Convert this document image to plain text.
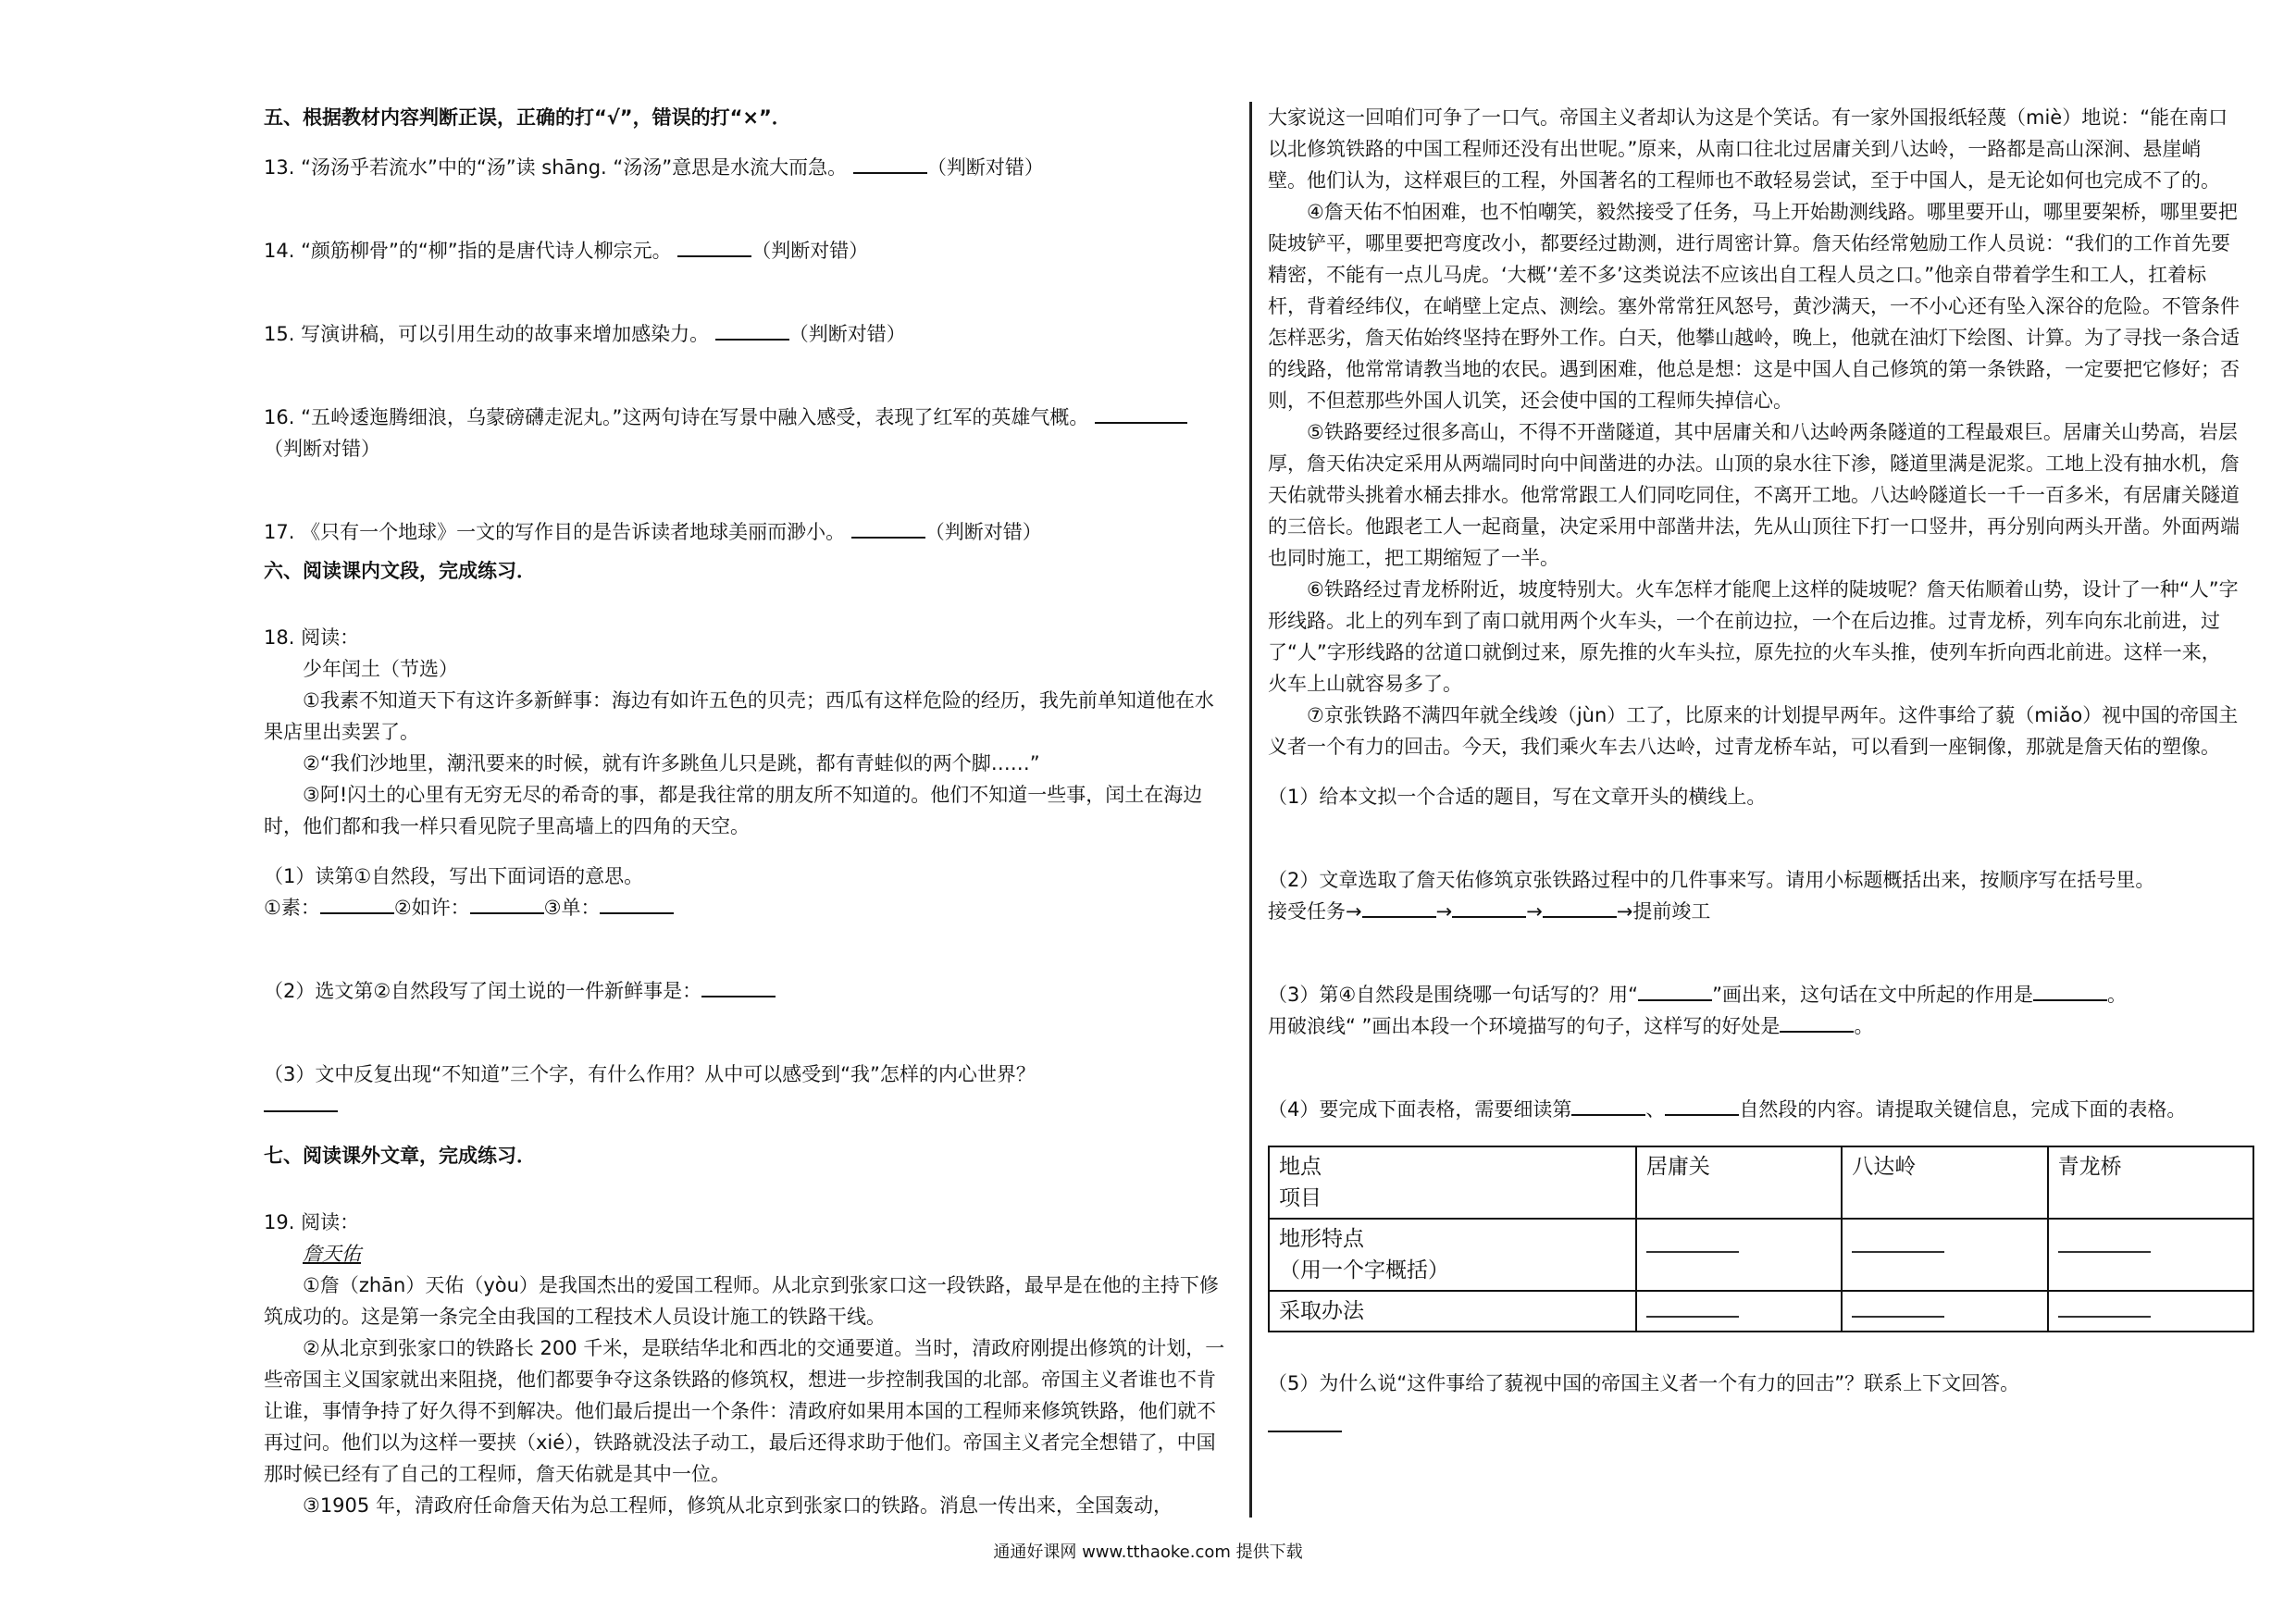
五、根据教材内容判断正误，正确的打“√”，错误的打“×”．

13. “汤汤乎若流水”中的“汤”读 shāng. “汤汤”意思是水流大而急。	（判断对错）

14. “颜筋柳骨”的“柳”指的是唐代诗人柳宗元。	（判断对错）

15. 写演讲稿，可以引用生动的故事来增加感染力。	（判断对错）

16. “五岭逶迤腾细浪，乌蒙磅礴走泥丸。”这两句诗在写景中融入感受，表现了红军的英雄气概。
（判断对错）

17. 《只有一个地球》一文的写作目的是告诉读者地球美丽而渺小。	（判断对错）

六、阅读课内文段，完成练习．

18. 阅读：

少年闰土（节选）

①我素不知道天下有这许多新鲜事：海边有如许五色的贝壳；西瓜有这样危险的经历，我先前单知道他在水果店里出卖罢了。

②“我们沙地里，潮汛要来的时候，就有许多跳鱼儿只是跳，都有青蛙似的两个脚……”

③阿!闪土的心里有无穷无尽的希奇的事，都是我往常的朋友所不知道的。他们不知道一些事，闰土在海边时，他们都和我一样只看见院子里高墙上的四角的天空。

（1）读第①自然段，写出下面词语的意思。

①素：	②如许：	③单：

（2）选文第②自然段写了闰土说的一件新鲜事是：

（3）文中反复出现“不知道”三个字，有什么作用？从中可以感受到“我”怎样的内心世界？

七、阅读课外文章，完成练习．

19. 阅读：

詹天佑

①詹（zhān）天佑（yòu）是我国杰出的爱国工程师。从北京到张家口这一段铁路，最早是在他的主持下修筑成功的。这是第一条完全由我国的工程技术人员设计施工的铁路干线。

②从北京到张家口的铁路长 200 千米，是联结华北和西北的交通要道。当时，清政府刚提出修筑的计划，一些帝国主义国家就出来阻挠，他们都要争夺这条铁路的修筑权，想进一步控制我国的北部。帝国主义者谁也不肯让谁，事情争持了好久得不到解决。他们最后提出一个条件：清政府如果用本国的工程师来修筑铁路，他们就不再过问。他们以为这样一要挟（xié），铁路就没法子动工，最后还得求助于他们。帝国主义者完全想错了，中国那时候已经有了自己的工程师，詹天佑就是其中一位。

③1905 年，清政府任命詹天佑为总工程师，修筑从北京到张家口的铁路。消息一传出来，全国轰动，

大家说这一回咱们可争了一口气。帝国主义者却认为这是个笑话。有一家外国报纸轻蔑（miè）地说：“能在南口以北修筑铁路的中国工程师还没有出世呢。”原来，从南口往北过居庸关到八达岭，一路都是高山深涧、悬崖峭壁。他们认为，这样艰巨的工程，外国著名的工程师也不敢轻易尝试，至于中国人，是无论如何也完成不了的。

④詹天佑不怕困难，也不怕嘲笑，毅然接受了任务，马上开始勘测线路。哪里要开山，哪里要架桥，哪里要把陡坡铲平，哪里要把弯度改小，都要经过勘测，进行周密计算。詹天佑经常勉励工作人员说：“我们的工作首先要精密，不能有一点儿马虎。‘大概’‘差不多’这类说法不应该出自工程人员之口。”他亲自带着学生和工人，扛着标杆，背着经纬仪，在峭壁上定点、测绘。塞外常常狂风怒号，黄沙满天，一不小心还有坠入深谷的危险。不管条件怎样恶劣，詹天佑始终坚持在野外工作。白天，他攀山越岭，晚上，他就在油灯下绘图、计算。为了寻找一条合适的线路，他常常请教当地的农民。遇到困难，他总是想：这是中国人自己修筑的第一条铁路，一定要把它修好；否则，不但惹那些外国人讥笑，还会使中国的工程师失掉信心。

⑤铁路要经过很多高山，不得不开凿隧道，其中居庸关和八达岭两条隧道的工程最艰巨。居庸关山势高，岩层厚，詹天佑决定采用从两端同时向中间凿进的办法。山顶的泉水往下渗，隧道里满是泥浆。工地上没有抽水机，詹天佑就带头挑着水桶去排水。他常常跟工人们同吃同住，不离开工地。八达岭隧道长一千一百多米，有居庸关隧道的三倍长。他跟老工人一起商量，决定采用中部凿井法，先从山顶往下打一口竖井，再分别向两头开凿。外面两端也同时施工，把工期缩短了一半。

⑥铁路经过青龙桥附近，坡度特别大。火车怎样才能爬上这样的陡坡呢？詹天佑顺着山势，设计了一种“人”字形线路。北上的列车到了南口就用两个火车头，一个在前边拉，一个在后边推。过青龙桥，列车向东北前进，过了“人”字形线路的岔道口就倒过来，原先推的火车头拉，原先拉的火车头推，使列车折向西北前进。这样一来，火车上山就容易多了。

⑦京张铁路不满四年就全线竣（jùn）工了，比原来的计划提早两年。这件事给了藐（miǎo）视中国的帝国主义者一个有力的回击。今天，我们乘火车去八达岭，过青龙桥车站，可以看到一座铜像，那就是詹天佑的塑像。

（1）给本文拟一个合适的题目，写在文章开头的横线上。

（2）文章选取了詹天佑修筑京张铁路过程中的几件事来写。请用小标题概括出来，按顺序写在括号里。

接受任务→	→	→	→提前竣工

（3）第④自然段是围绕哪一句话写的？用“	”画出来，这句话在文中所起的作用是	。

用破浪线“ ”画出本段一个环境描写的句子，这样写的好处是	。

（4）要完成下面表格，需要细读第	、	自然段的内容。请提取关键信息，完成下面的表格。

地点
项目	居庸关	八达岭	青龙桥
地形特点
（用一个字概括）			
采取办法			

（5）为什么说“这件事给了藐视中国的帝国主义者一个有力的回击”？联系上下文回答。

通通好课网 www.tthaoke.com 提供下载
